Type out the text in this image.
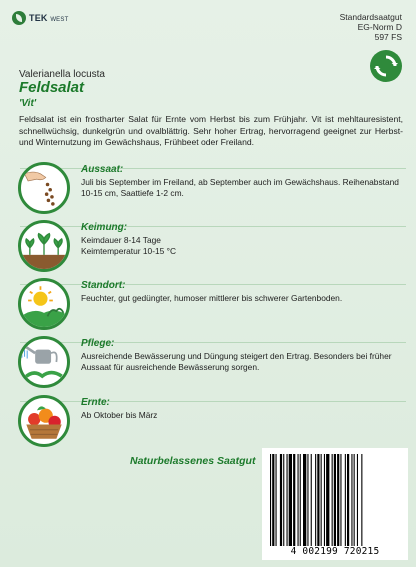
TEK WEST	Standardsaatgut
EG-Norm D
597 FS
Valerianella locusta
Feldsalat
'Vit'
Feldsalat ist ein frostharter Salat für Ernte vom Herbst bis zum Frühjahr. Vit ist mehltauresistent, schnellwüchsig, dunkelgrün und ovalblättrig. Sehr hoher Ertrag, hervorragend geeignet zur Herbst- und Winternutzung im Gewächshaus, Frühbeet oder Freiland.
Aussaat:
Juli bis September im Freiland, ab September auch im Gewächshaus. Reihenabstand 10-15 cm, Saattiefe 1-2 cm.
Keimung:
Keimdauer 8-14 Tage
Keimtemperatur 10-15 °C
Standort:
Feuchter, gut gedüngter, humoser mittlerer bis schwerer Gartenboden.
Pflege:
Ausreichende Bewässerung und Düngung steigert den Ertrag. Besonders bei früher Aussaat für ausreichende Bewässerung sorgen.
Ernte:
Ab Oktober bis März
Naturbelassenes Saatgut
4 002199 720215
